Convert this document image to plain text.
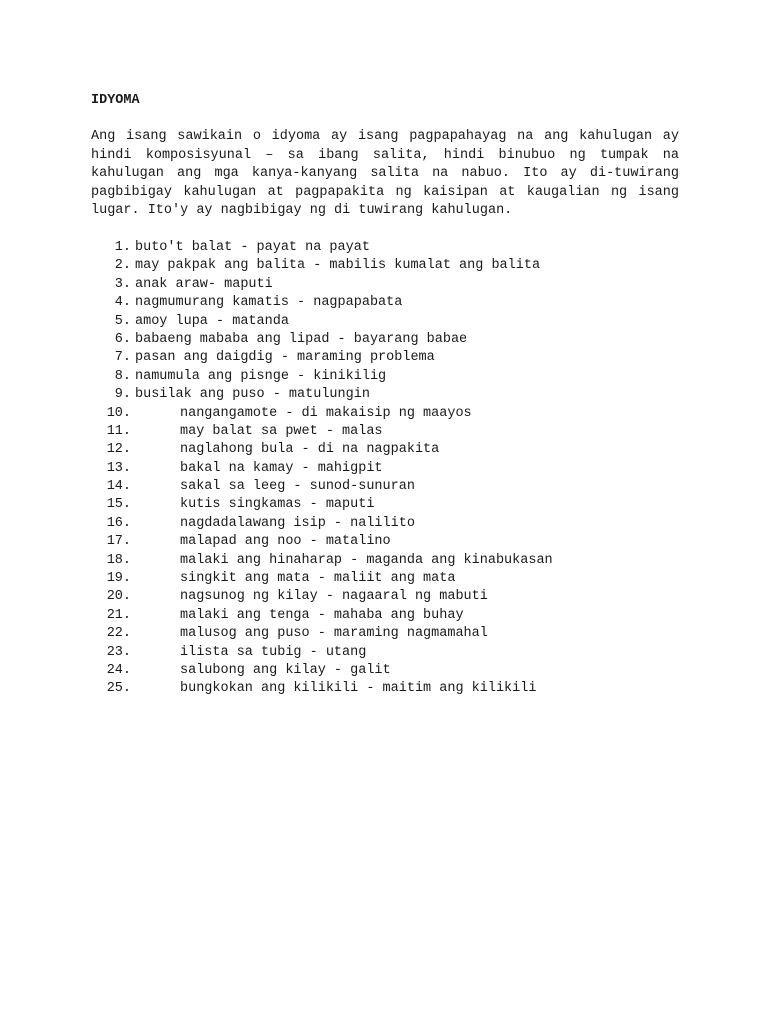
IDYOMA

Ang isang sawikain o idyoma ay isang pagpapahayag na ang kahulugan ay
hindi komposisyunal – sa ibang salita, hindi binubuo ng tumpak na
kahulugan ang mga kanya-kanyang salita na nabuo. Ito ay di-tuwirang
pagbibigay kahulugan at pagpapakita ng kaisipan at kaugalian ng isang
lugar. Ito'y ay nagbibigay ng di tuwirang kahulugan.

1. buto't balat - payat na payat
2. may pakpak ang balita - mabilis kumalat ang balita
3. anak araw- maputi
4. nagmumurang kamatis - nagpapabata
5. amoy lupa - matanda
6. babaeng mababa ang lipad - bayarang babae
7. pasan ang daigdig - maraming problema
8. namumula ang pisnge - kinikilig
9. busilak ang puso - matulungin
10.	nangangamote - di makaisip ng maayos
11.	may balat sa pwet - malas
12.	naglahong bula - di na nagpakita
13.	bakal na kamay - mahigpit
14.	sakal sa leeg - sunod-sunuran
15.	kutis singkamas - maputi
16.	nagdadalawang isip - nalilito
17.	malapad ang noo - matalino
18.	malaki ang hinaharap - maganda ang kinabukasan
19.	singkit ang mata - maliit ang mata
20.	nagsunog ng kilay - nagaaral ng mabuti
21.	malaki ang tenga - mahaba ang buhay
22.	malusog ang puso - maraming nagmamahal
23.	ilista sa tubig - utang
24.	salubong ang kilay - galit
25.	bungkokan ang kilikili - maitim ang kilikili
